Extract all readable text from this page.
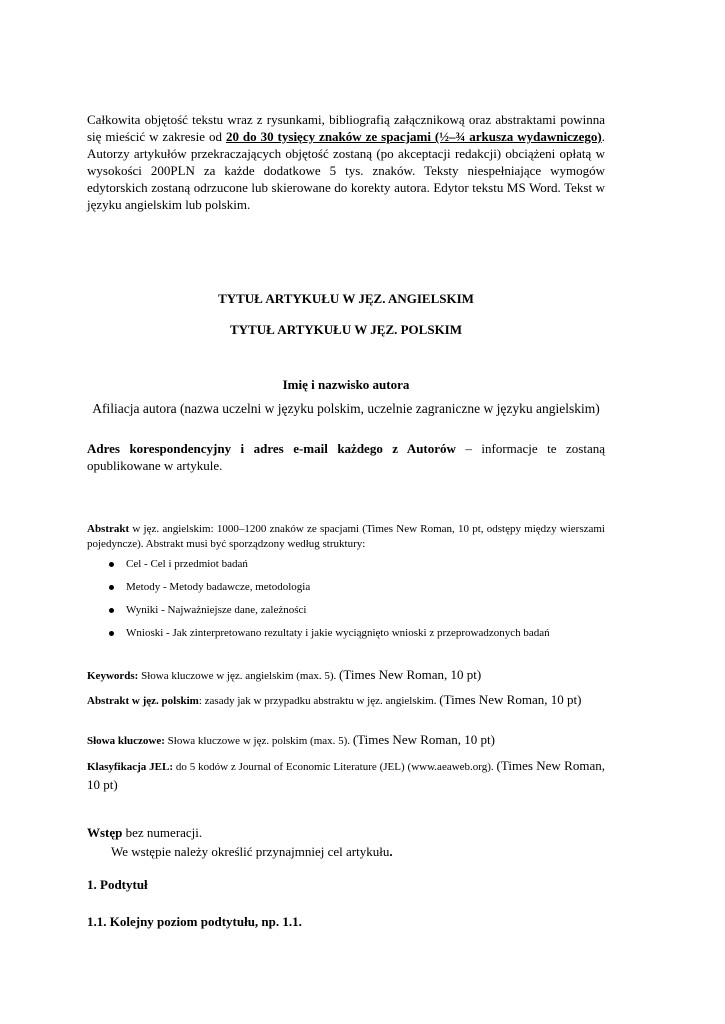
Całkowita objętość tekstu wraz z rysunkami, bibliografią załącznikową oraz abstraktami powinna się mieścić w zakresie od 20 do 30 tysięcy znaków ze spacjami (½–¾ arkusza wydawniczego). Autorzy artykułów przekraczających objętość zostaną (po akceptacji redakcji) obciążeni opłatą w wysokości 200PLN za każde dodatkowe 5 tys. znaków. Teksty niespełniające wymogów edytorskich zostaną odrzucone lub skierowane do korekty autora. Edytor tekstu MS Word. Tekst w języku angielskim lub polskim.

TYTUŁ ARTYKUŁU W JĘZ. ANGIELSKIM

TYTUŁ ARTYKUŁU W JĘZ. POLSKIM

Imię i nazwisko autora

Afiliacja autora (nazwa uczelni w języku polskim, uczelnie zagraniczne w języku angielskim)

Adres korespondencyjny i adres e-mail każdego z Autorów – informacje te zostaną opublikowane w artykule.

Abstrakt w jęz. angielskim: 1000–1200 znaków ze spacjami (Times New Roman, 10 pt, odstępy między wierszami pojedyncze). Abstrakt musi być sporządzony według struktury:

Cel - Cel i przedmiot badań
Metody - Metody badawcze, metodologia
Wyniki - Najważniejsze dane, zależności
Wnioski - Jak zinterpretowano rezultaty i jakie wyciągnięto wnioski z przeprowadzonych badań

Keywords: Słowa kluczowe w jęz. angielskim (max. 5). (Times New Roman, 10 pt)

Abstrakt w jęz. polskim: zasady jak w przypadku abstraktu w jęz. angielskim. (Times New Roman, 10 pt)

Słowa kluczowe: Słowa kluczowe w jęz. polskim (max. 5). (Times New Roman, 10 pt)

Klasyfikacja JEL: do 5 kodów z Journal of Economic Literature (JEL) (www.aeaweb.org). (Times New Roman, 10 pt)

Wstęp bez numeracji.

We wstępie należy określić przynajmniej cel artykułu.

1. Podtytuł

1.1. Kolejny poziom podtytułu, np. 1.1.
